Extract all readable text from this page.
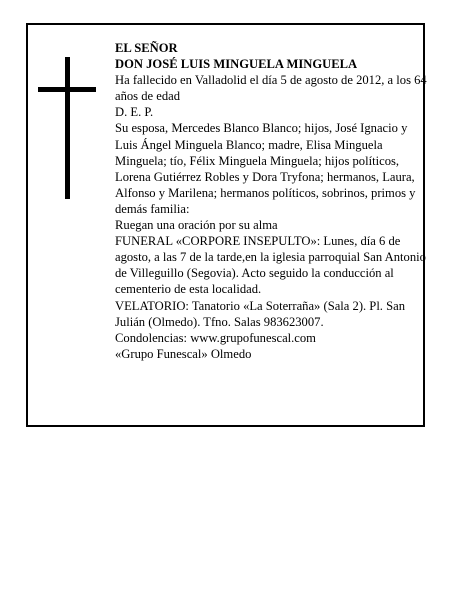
EL SEÑOR
DON JOSÉ LUIS MINGUELA MINGUELA
Ha fallecido en Valladolid el día 5 de agosto de 2012, a los 64 años de edad
D. E. P.
Su esposa, Mercedes Blanco Blanco; hijos, José Ignacio y Luis Ángel Minguela Blanco; madre, Elisa Minguela Minguela; tío, Félix Minguela Minguela; hijos políticos, Lorena Gutiérrez Robles y Dora Tryfona; hermanos, Laura, Alfonso y Marilena; hermanos políticos, sobrinos, primos y demás familia:
Ruegan una oración por su alma
FUNERAL «CORPORE INSEPULTO»: Lunes, día 6 de agosto, a las 7 de la tarde,en la iglesia parroquial San Antonio de Villeguillo (Segovia). Acto seguido la conducción al cementerio de esta localidad.
VELATORIO: Tanatorio «La Soterraña» (Sala 2). Pl. San Julián (Olmedo). Tfno. Salas 983623007.
Condolencias: www.grupofunescal.com
«Grupo Funescal» Olmedo
